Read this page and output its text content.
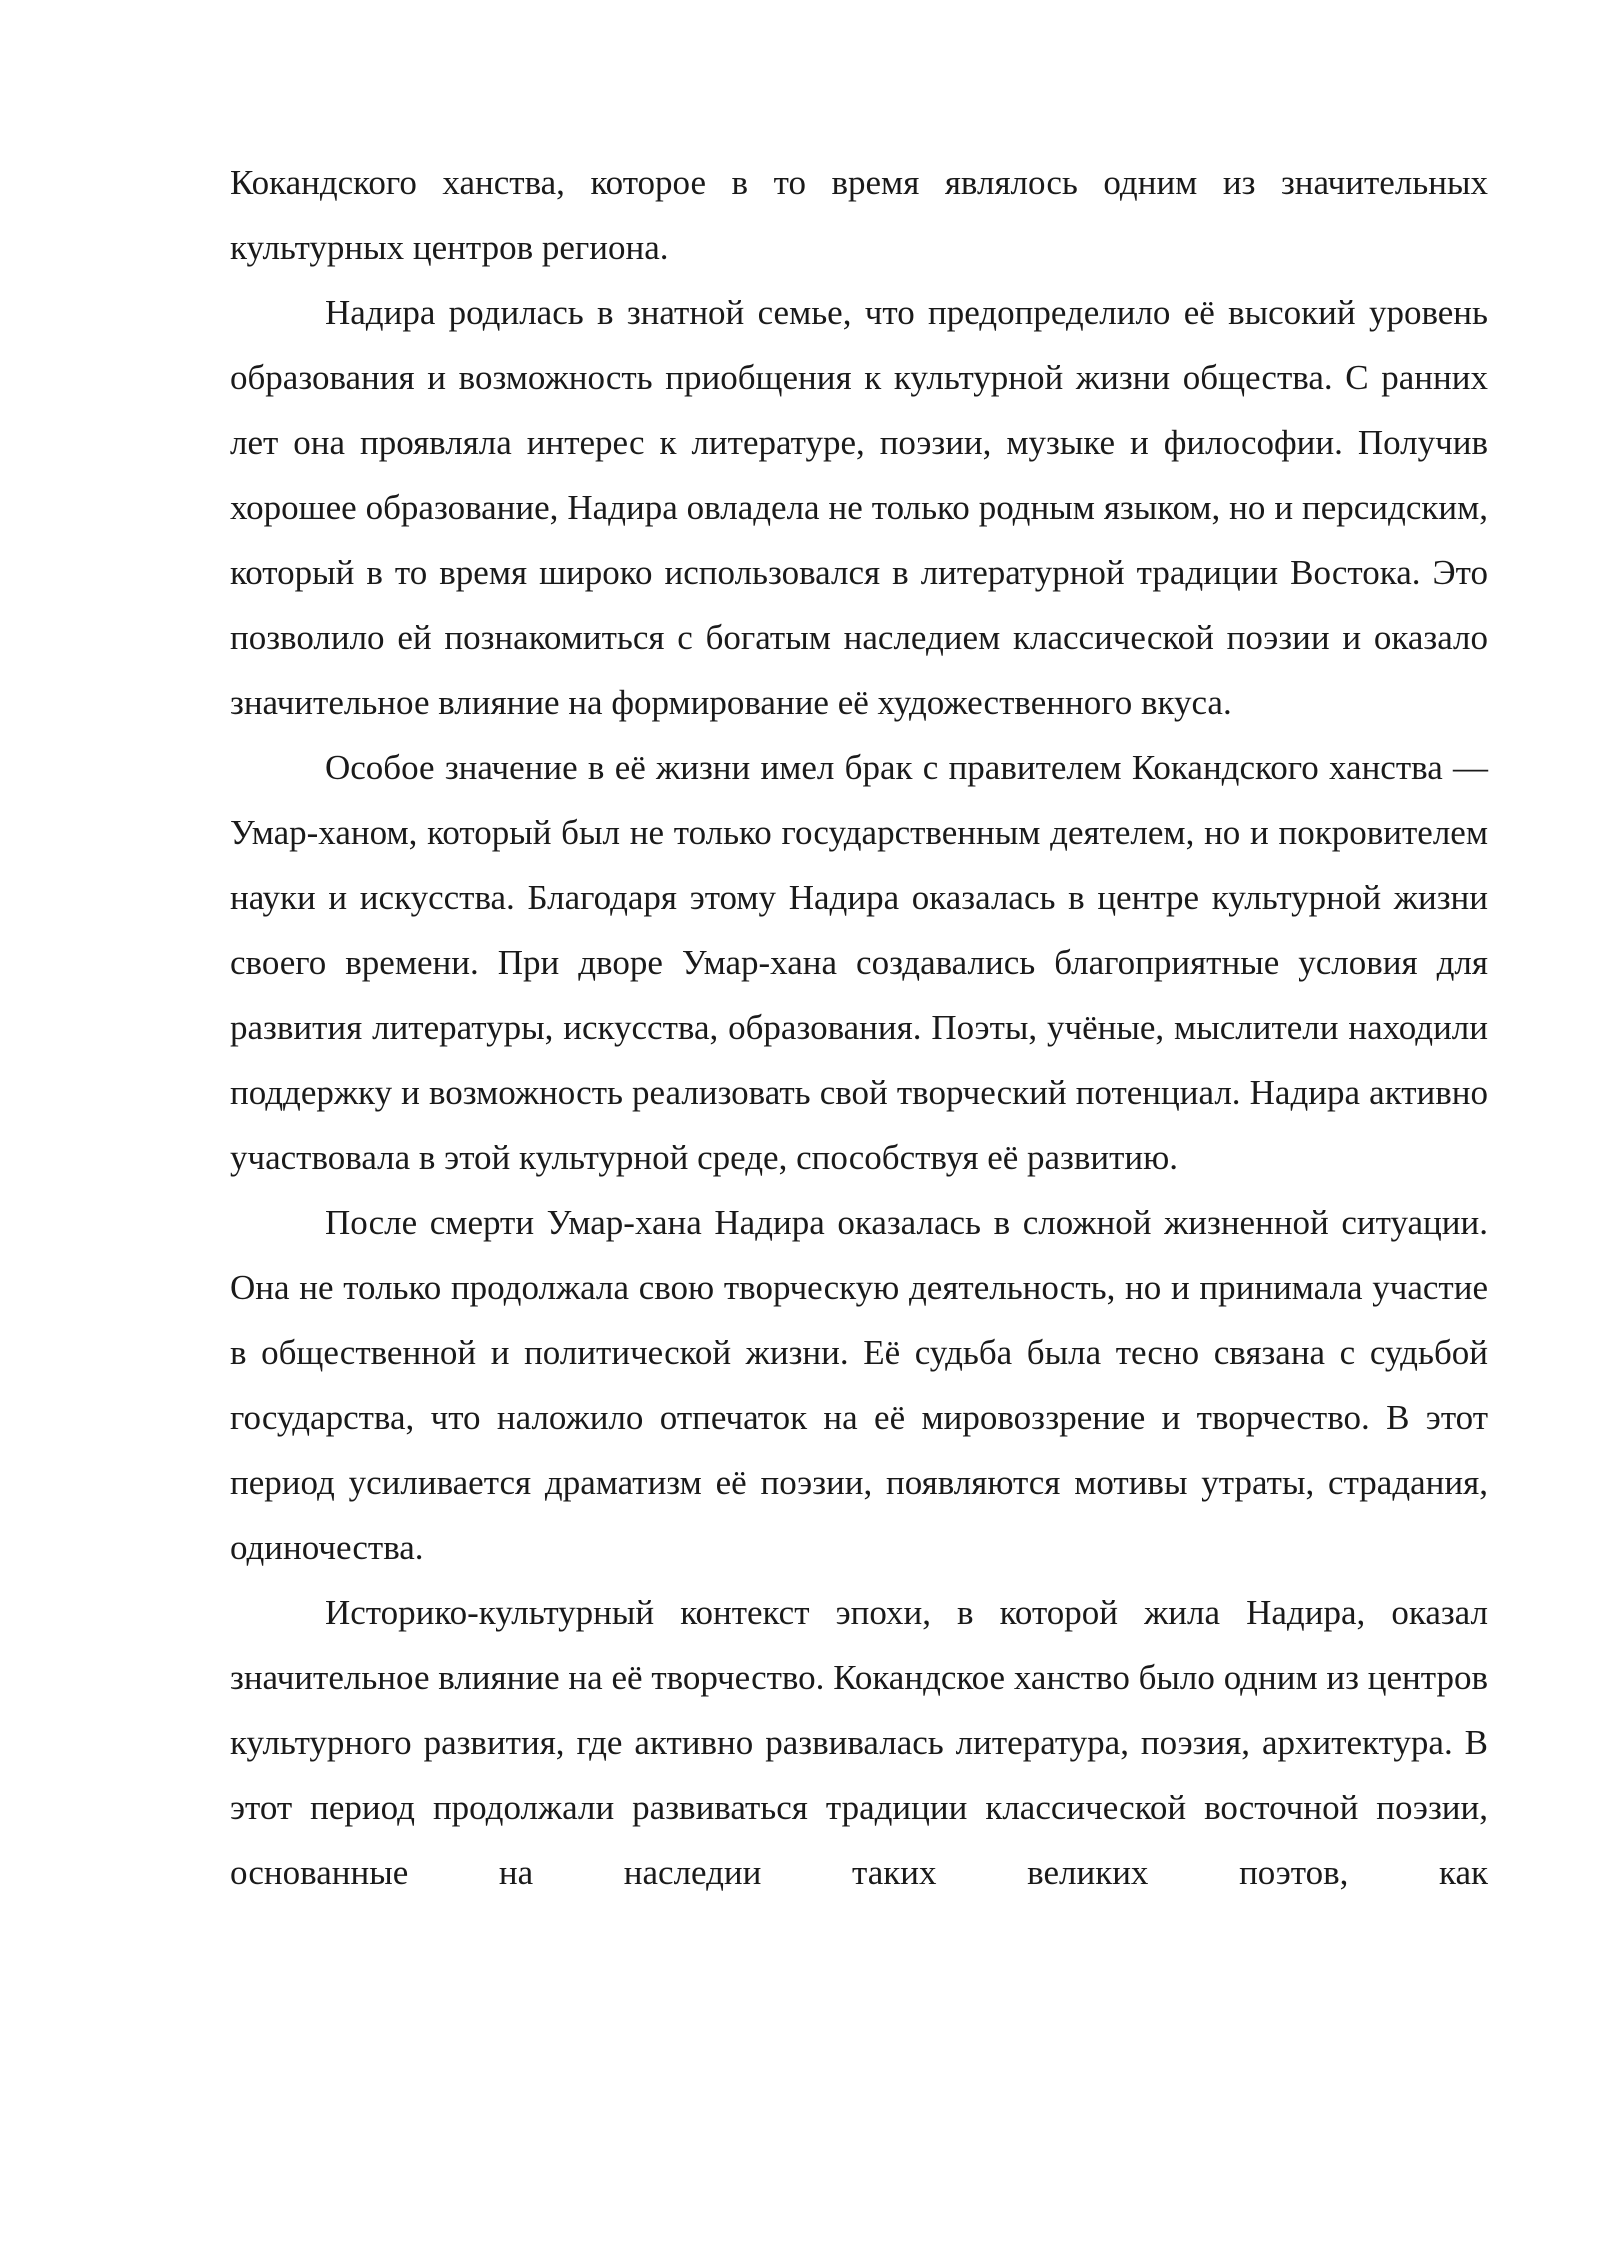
Кокандского ханства, которое в то время являлось одним из значительных культурных центров региона.

Надира родилась в знатной семье, что предопределило её высокий уровень образования и возможность приобщения к культурной жизни общества. С ранних лет она проявляла интерес к литературе, поэзии, музыке и философии. Получив хорошее образование, Надира овладела не только родным языком, но и персидским, который в то время широко использовался в литературной традиции Востока. Это позволило ей познакомиться с богатым наследием классической поэзии и оказало значительное влияние на формирование её художественного вкуса.

Особое значение в её жизни имел брак с правителем Кокандского ханства — Умар-ханом, который был не только государственным деятелем, но и покровителем науки и искусства. Благодаря этому Надира оказалась в центре культурной жизни своего времени. При дворе Умар-хана создавались благоприятные условия для развития литературы, искусства, образования. Поэты, учёные, мыслители находили поддержку и возможность реализовать свой творческий потенциал. Надира активно участвовала в этой культурной среде, способствуя её развитию.

После смерти Умар-хана Надира оказалась в сложной жизненной ситуации. Она не только продолжала свою творческую деятельность, но и принимала участие в общественной и политической жизни. Её судьба была тесно связана с судьбой государства, что наложило отпечаток на её мировоззрение и творчество. В этот период усиливается драматизм её поэзии, появляются мотивы утраты, страдания, одиночества.

Историко-культурный контекст эпохи, в которой жила Надира, оказал значительное влияние на её творчество. Кокандское ханство было одним из центров культурного развития, где активно развивалась литература, поэзия, архитектура. В этот период продолжали развиваться традиции классической восточной поэзии, основанные на наследии таких великих поэтов, как
